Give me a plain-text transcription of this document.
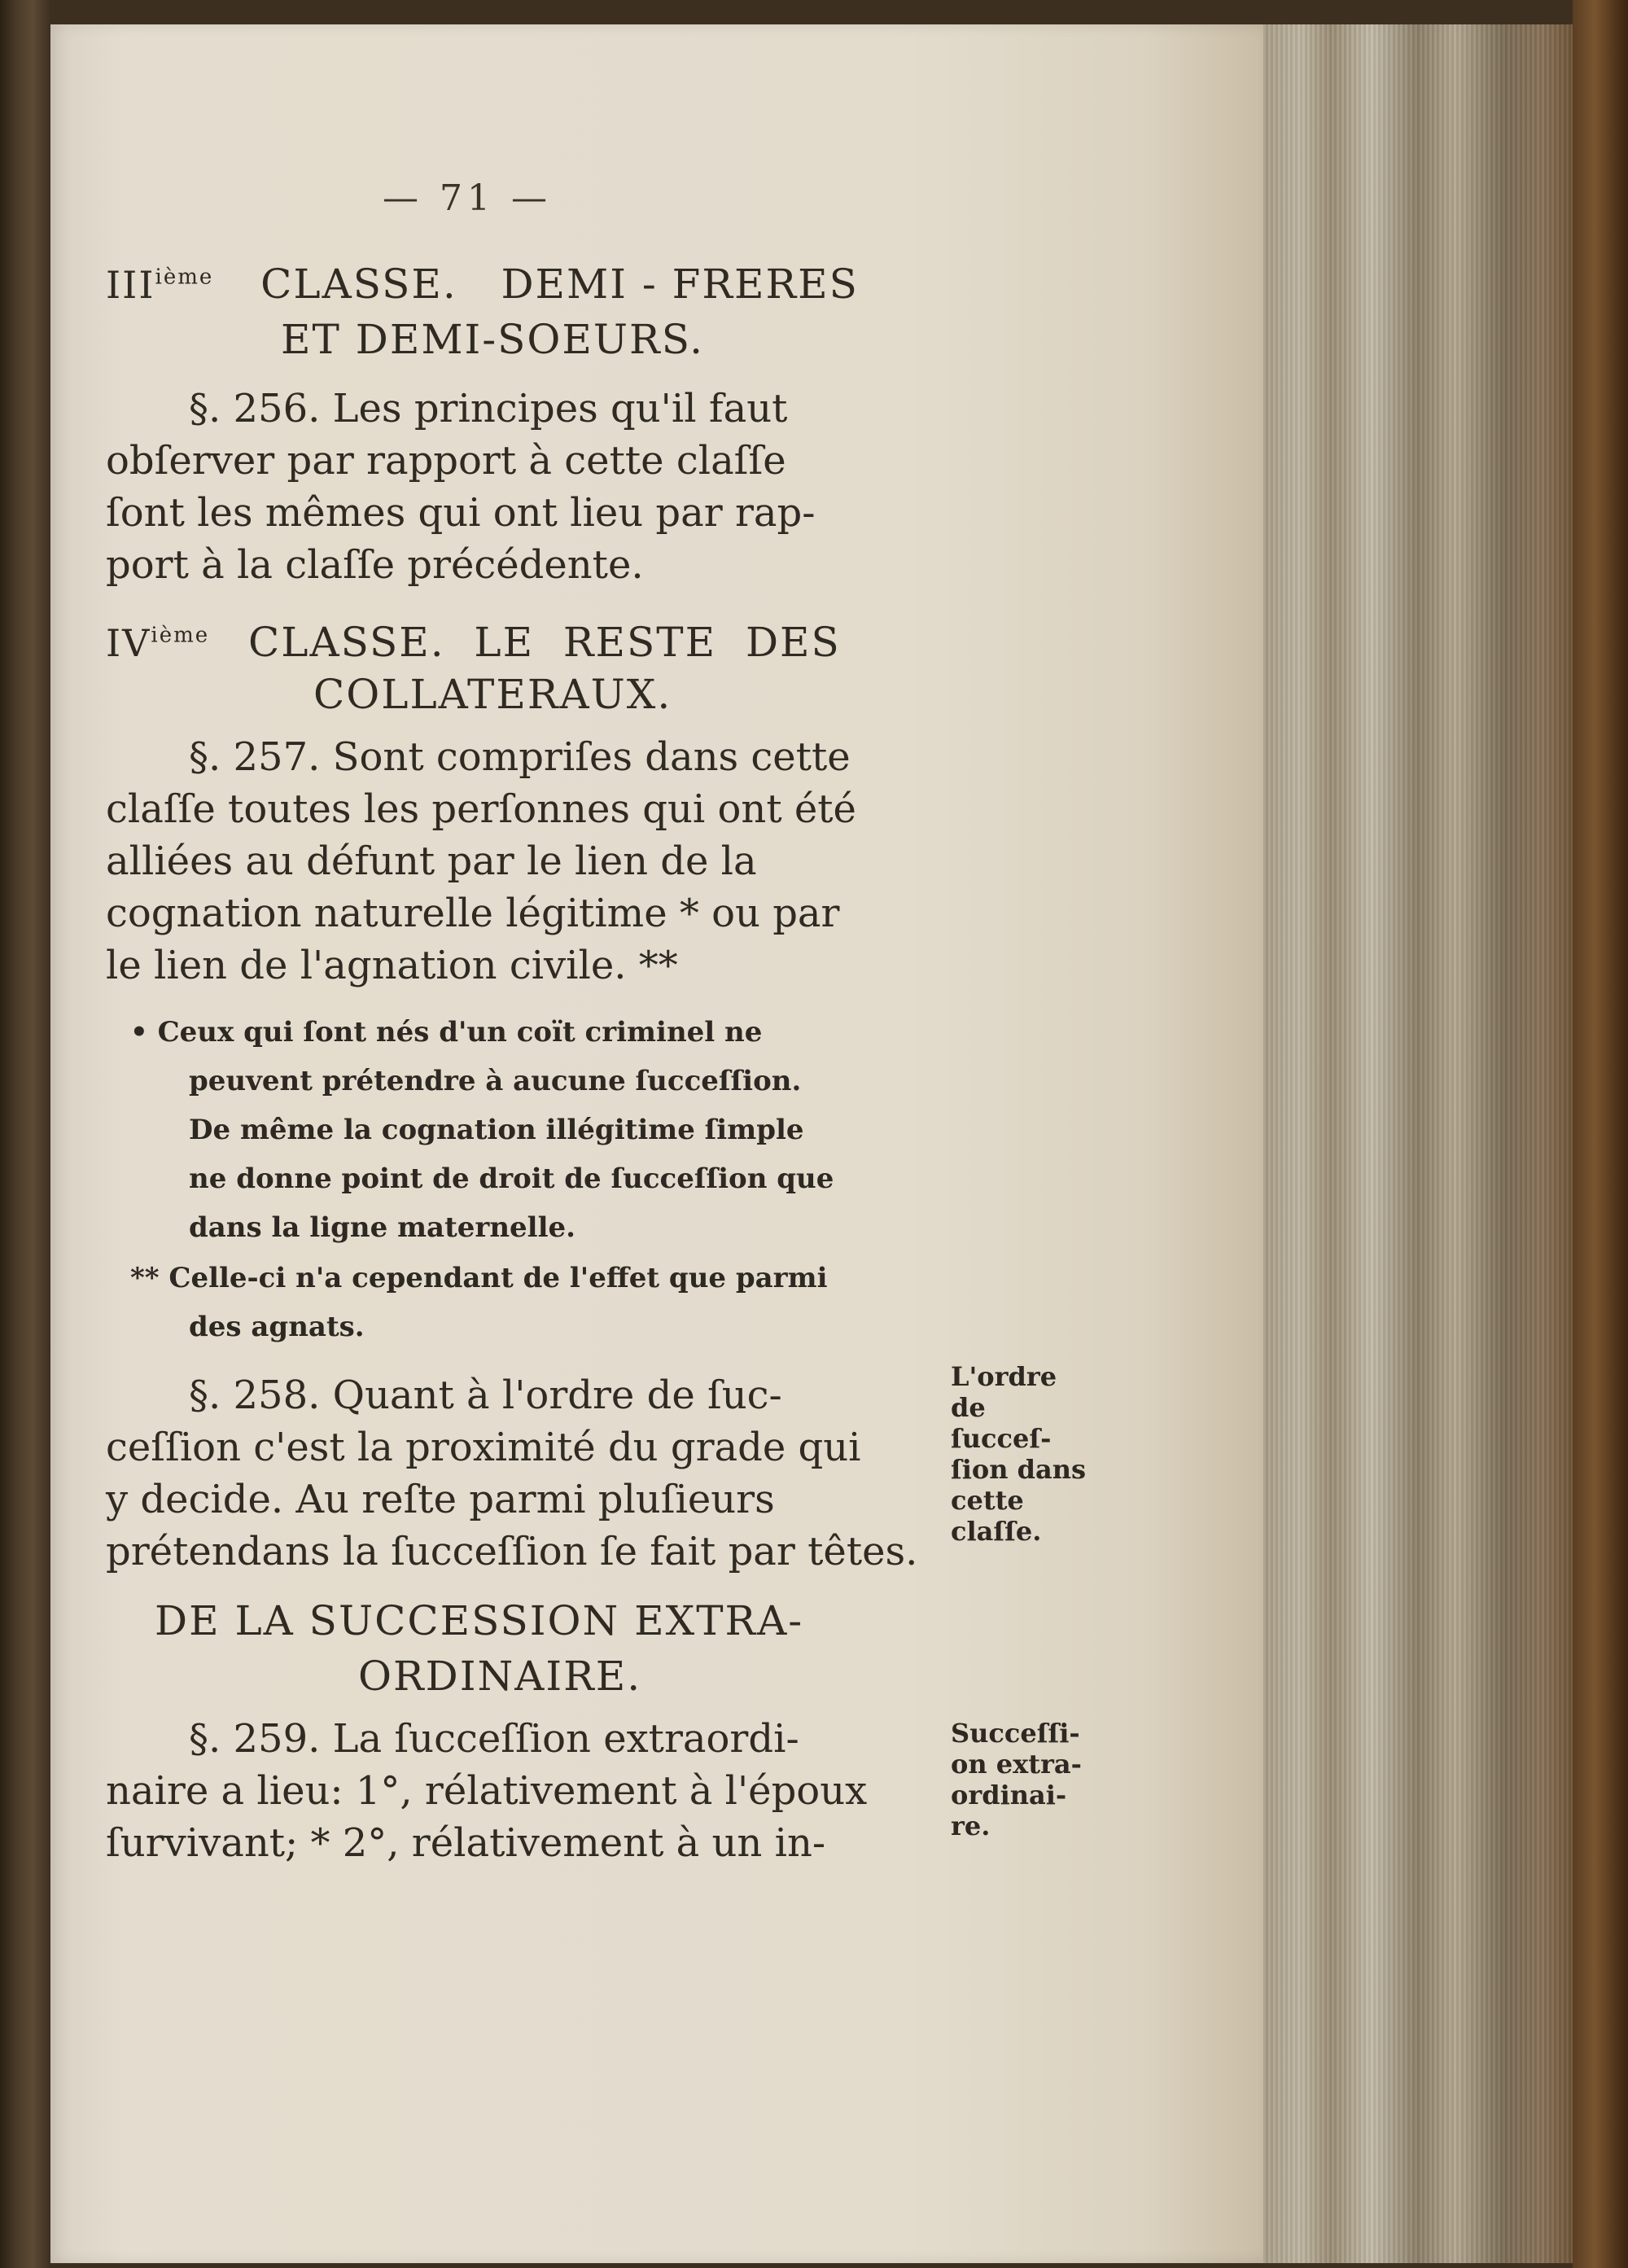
— 71 —
IIIième CLASSE.   DEMI - FRERES
ET DEMI-SOEURS.
§. 256. Les principes qu'il faut
obſerver par rapport à cette claſſe
ſont les mêmes qui ont lieu par rap-
port à la claſſe précédente.
IVième CLASSE.  LE  RESTE  DES
COLLATERAUX.
§. 257. Sont compriſes dans cette
claſſe toutes les perſonnes qui ont été
alliées au défunt par le lien de la
cognation naturelle légitime * ou par
le lien de l'agnation civile. **
• Ceux qui ſont nés d'un coït criminel ne
peuvent prétendre à aucune ſucceſſion.
De même la cognation illégitime ſimple
ne donne point de droit de ſucceſſion que
dans la ligne maternelle.
** Celle-ci n'a cependant de l'effet que parmi
des agnats.
§. 258. Quant à l'ordre de ſuc-
ceſſion c'est la proximité du grade qui
y decide. Au reſte parmi pluſieurs
prétendans la ſucceſſion ſe fait par têtes.
L'ordre
de
ſucceſ-
ſion dans
cette
claſſe.
DE LA SUCCESSION EXTRA-
ORDINAIRE.
§. 259. La ſucceſſion extraordi-
naire a lieu: 1°, rélativement à l'époux
ſurvivant; * 2°, rélativement à un in-
Succeſſi-
on extra-
ordinai-
re.
